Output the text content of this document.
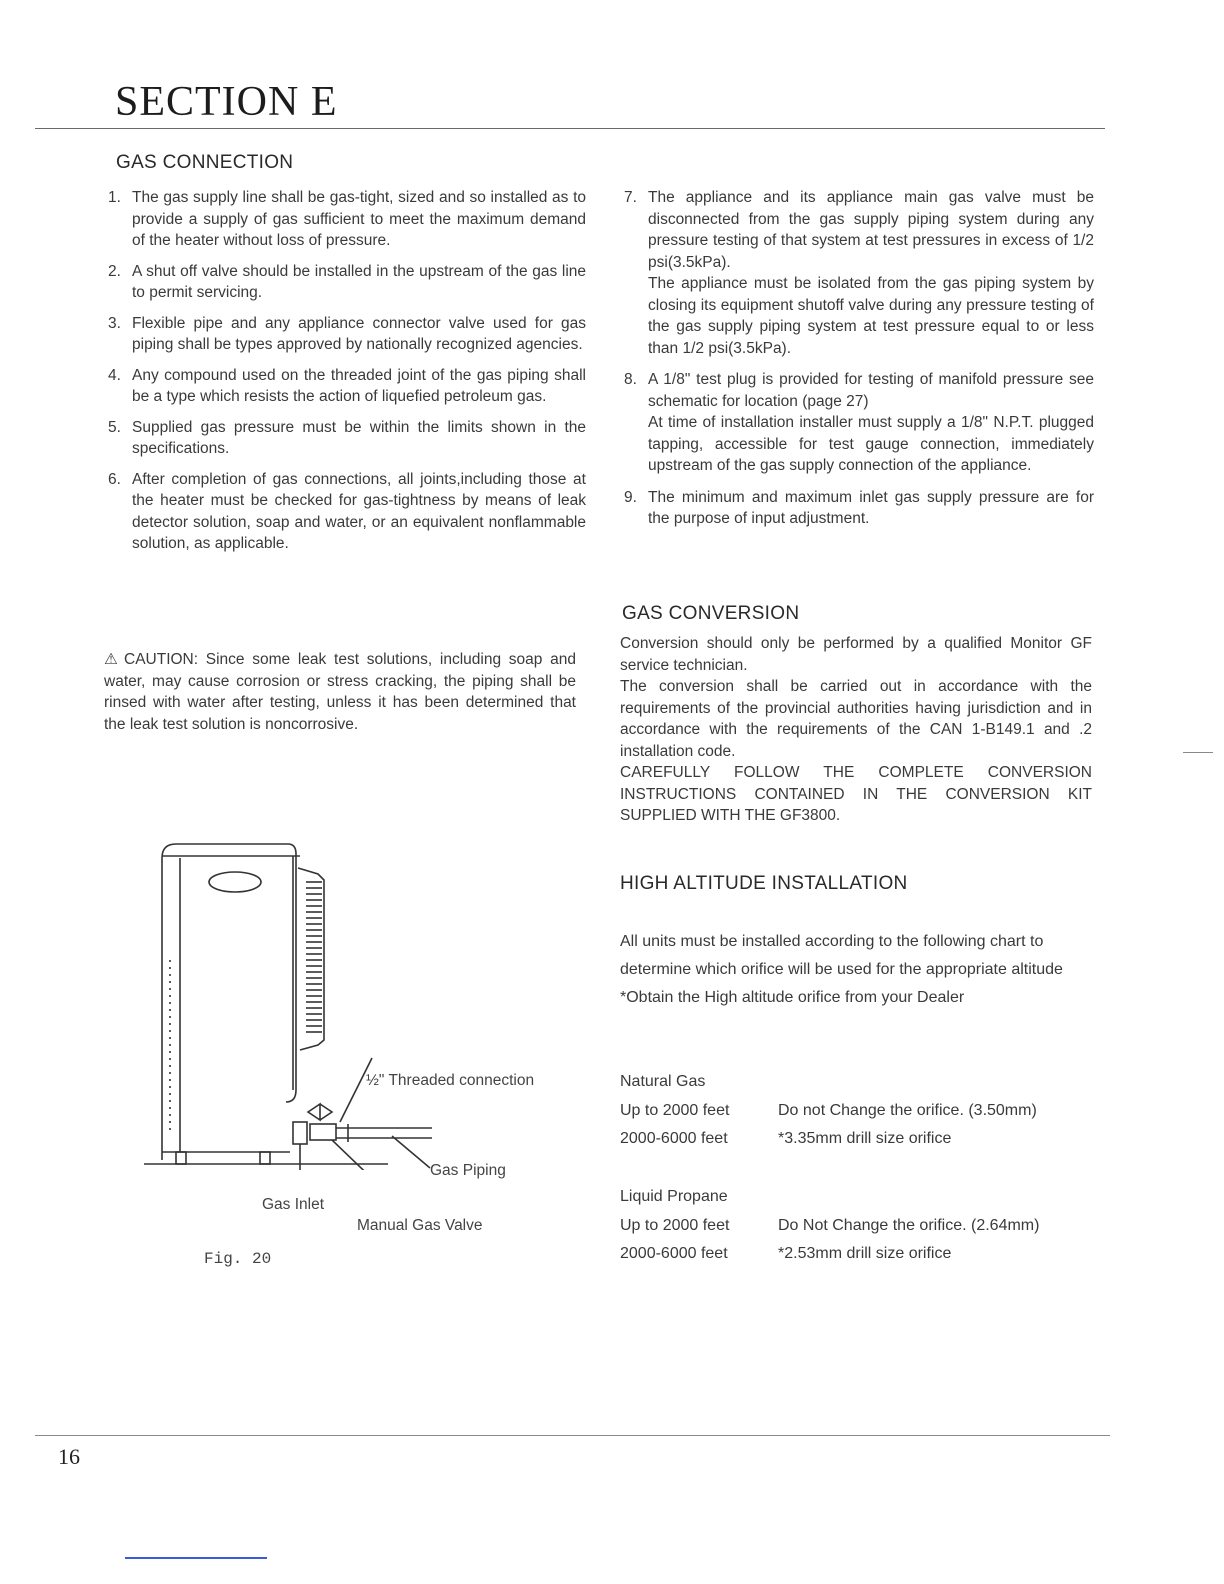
SECTION E
GAS CONNECTION
1. The gas supply line shall be gas-tight, sized and so installed as to provide a supply of gas sufficient to meet the maximum demand of the heater without loss of pressure.
2. A shut off valve should be installed in the upstream of the gas line to permit servicing.
3. Flexible pipe and any appliance connector valve used for gas piping shall be types approved by nationally recognized agencies.
4. Any compound used on the threaded joint of the gas piping shall be a type which resists the action of liquefied petroleum gas.
5. Supplied gas pressure must be within the limits shown in the specifications.
6. After completion of gas connections, all joints,including those at the heater must be checked for gas-tightness by means of leak detector solution, soap and water, or an equivalent nonflammable solution, as applicable.
⚠ CAUTION: Since some leak test solutions, including soap and water, may cause corrosion or stress cracking, the piping shall be rinsed with water after testing, unless it has been determined that the leak test solution is noncorrosive.
½" Threaded connection
Gas Piping
Gas Inlet
Manual Gas Valve
Fig. 20
7. The appliance and its appliance main gas valve must be disconnected from the gas supply piping system during any pressure testing of that system at test pressures in excess of 1/2 psi(3.5kPa).

The appliance must be isolated from the gas piping system by closing its equipment shutoff valve during any pressure testing of the gas supply piping system at test pressure equal to or less than 1/2 psi(3.5kPa).

8. A 1/8" test plug is provided for testing of manifold pressure see schematic for location (page 27)

At time of installation installer must supply a 1/8" N.P.T. plugged tapping, accessible for test gauge connection, immediately upstream of the gas supply connection of the appliance.

9. The minimum and maximum inlet gas supply pressure are for the purpose of input adjustment.

GAS CONVERSION

Conversion should only be performed by a qualified Monitor GF service technician.

The conversion shall be carried out in accordance with the requirements of the provincial authorities having jurisdiction and in accordance with the requirements of the CAN 1-B149.1 and .2 installation code.

CAREFULLY FOLLOW THE COMPLETE CONVERSION INSTRUCTIONS CONTAINED IN THE CONVERSION KIT SUPPLIED WITH THE GF3800.

HIGH ALTITUDE INSTALLATION

All units must be installed according to the following chart to determine which orifice will be used for the appropriate altitude

*Obtain the High altitude orifice from your Dealer

Natural Gas
Up to 2000 feet	Do not Change the orifice. (3.50mm)
2000-6000 feet	*3.35mm drill size orifice
Liquid Propane
Up to 2000 feet	Do Not Change the orifice. (2.64mm)
2000-6000 feet	*2.53mm drill size orifice
16
